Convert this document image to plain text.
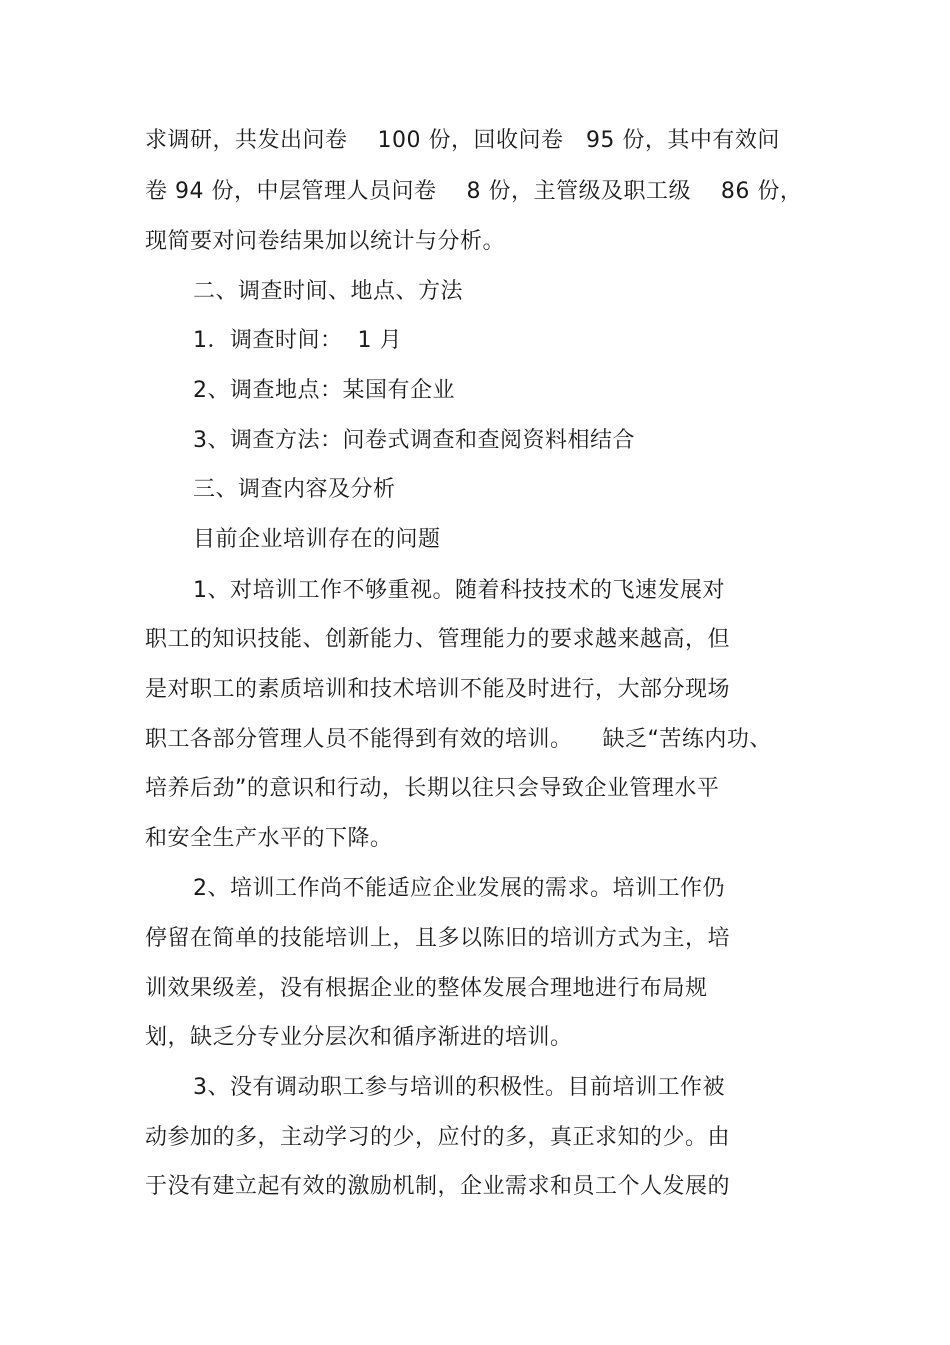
求调研，共发出问卷    100 份，回收问卷   95 份，其中有效问
卷 94 份，中层管理人员问卷    8 份，主管级及职工级    86 份，
现简要对问卷结果加以统计与分析。
二、调查时间、地点、方法
1．调查时间：  1 月
2、调查地点：某国有企业
3、调查方法：问卷式调查和查阅资料相结合
三、调查内容及分析
目前企业培训存在的问题
1、对培训工作不够重视。随着科技技术的飞速发展对
职工的知识技能、创新能力、管理能力的要求越来越高，但
是对职工的素质培训和技术培训不能及时进行，大部分现场
职工各部分管理人员不能得到有效的培训。    缺乏“苦练内功、
培养后劲”的意识和行动，长期以往只会导致企业管理水平
和安全生产水平的下降。
2、培训工作尚不能适应企业发展的需求。培训工作仍
停留在简单的技能培训上，且多以陈旧的培训方式为主，培
训效果级差，没有根据企业的整体发展合理地进行布局规
划，缺乏分专业分层次和循序渐进的培训。
3、没有调动职工参与培训的积极性。目前培训工作被
动参加的多，主动学习的少，应付的多，真正求知的少。由
于没有建立起有效的激励机制，企业需求和员工个人发展的
